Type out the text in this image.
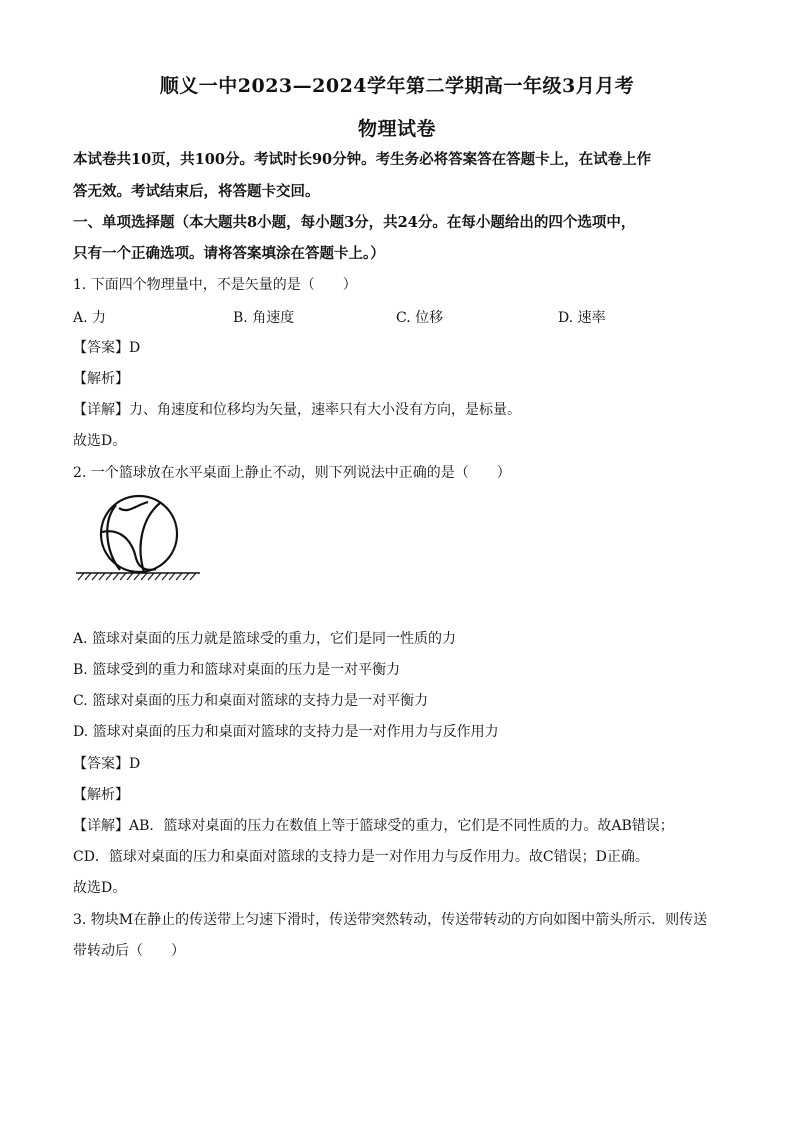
顺义一中2023—2024学年第二学期高一年级3月月考
物理试卷
本试卷共10页，共100分。考试时长90分钟。考生务必将答案答在答题卡上，在试卷上作
答无效。考试结束后，将答题卡交回。
一、单项选择题（本大题共8小题，每小题3分，共24分。在每小题给出的四个选项中，
只有一个正确选项。请将答案填涂在答题卡上。）
1. 下面四个物理量中，不是矢量的是（　　）
A. 力	B. 角速度	C. 位移	D. 速率
【答案】D
【解析】
【详解】力、角速度和位移均为矢量，速率只有大小没有方向，是标量。
故选D。
2. 一个篮球放在水平桌面上静止不动，则下列说法中正确的是（　　）
A. 篮球对桌面的压力就是篮球受的重力，它们是同一性质的力
B. 篮球受到的重力和篮球对桌面的压力是一对平衡力
C. 篮球对桌面的压力和桌面对篮球的支持力是一对平衡力
D. 篮球对桌面的压力和桌面对篮球的支持力是一对作用力与反作用力
【答案】D
【解析】
【详解】AB．篮球对桌面的压力在数值上等于篮球受的重力，它们是不同性质的力。故AB错误；
CD．篮球对桌面的压力和桌面对篮球的支持力是一对作用力与反作用力。故C错误；D正确。
故选D。
3. 物块M在静止的传送带上匀速下滑时，传送带突然转动，传送带转动的方向如图中箭头所示．则传送
带转动后（　　）
